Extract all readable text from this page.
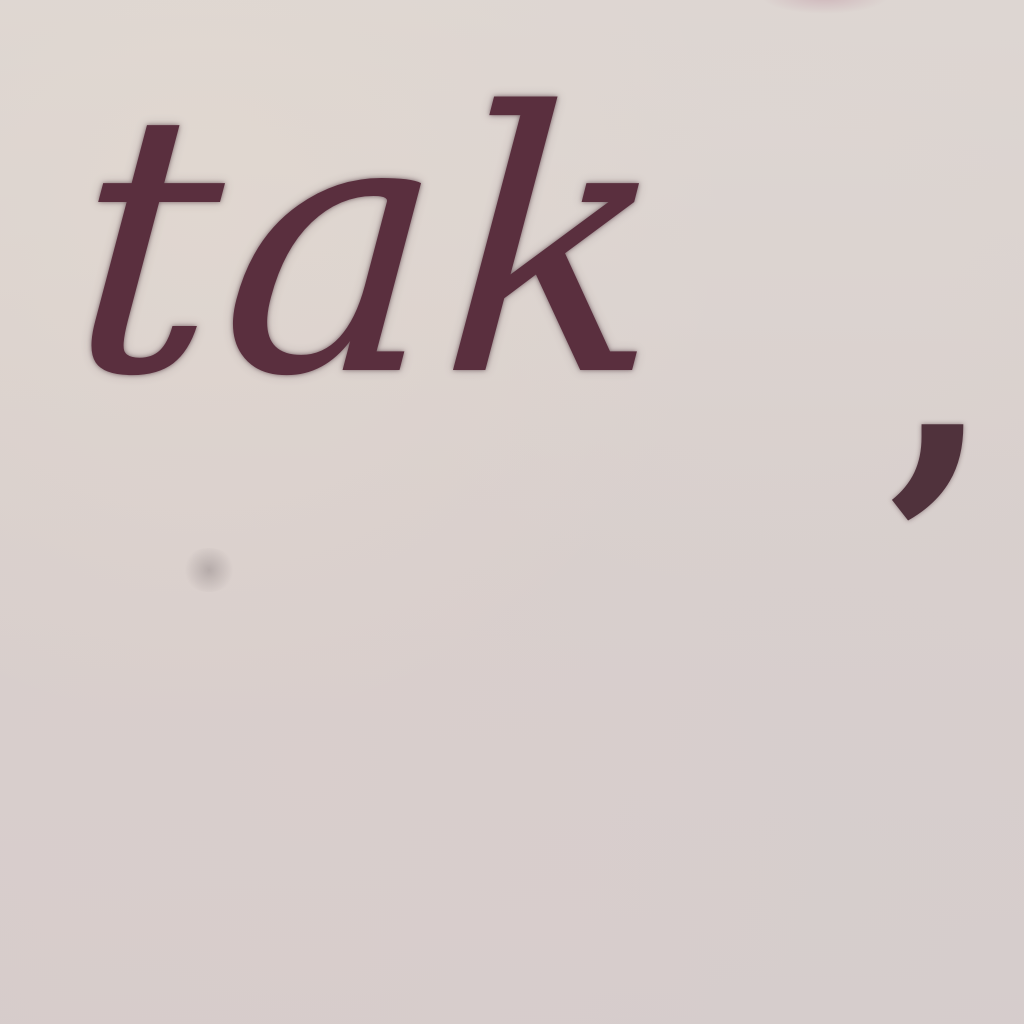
tak ,
